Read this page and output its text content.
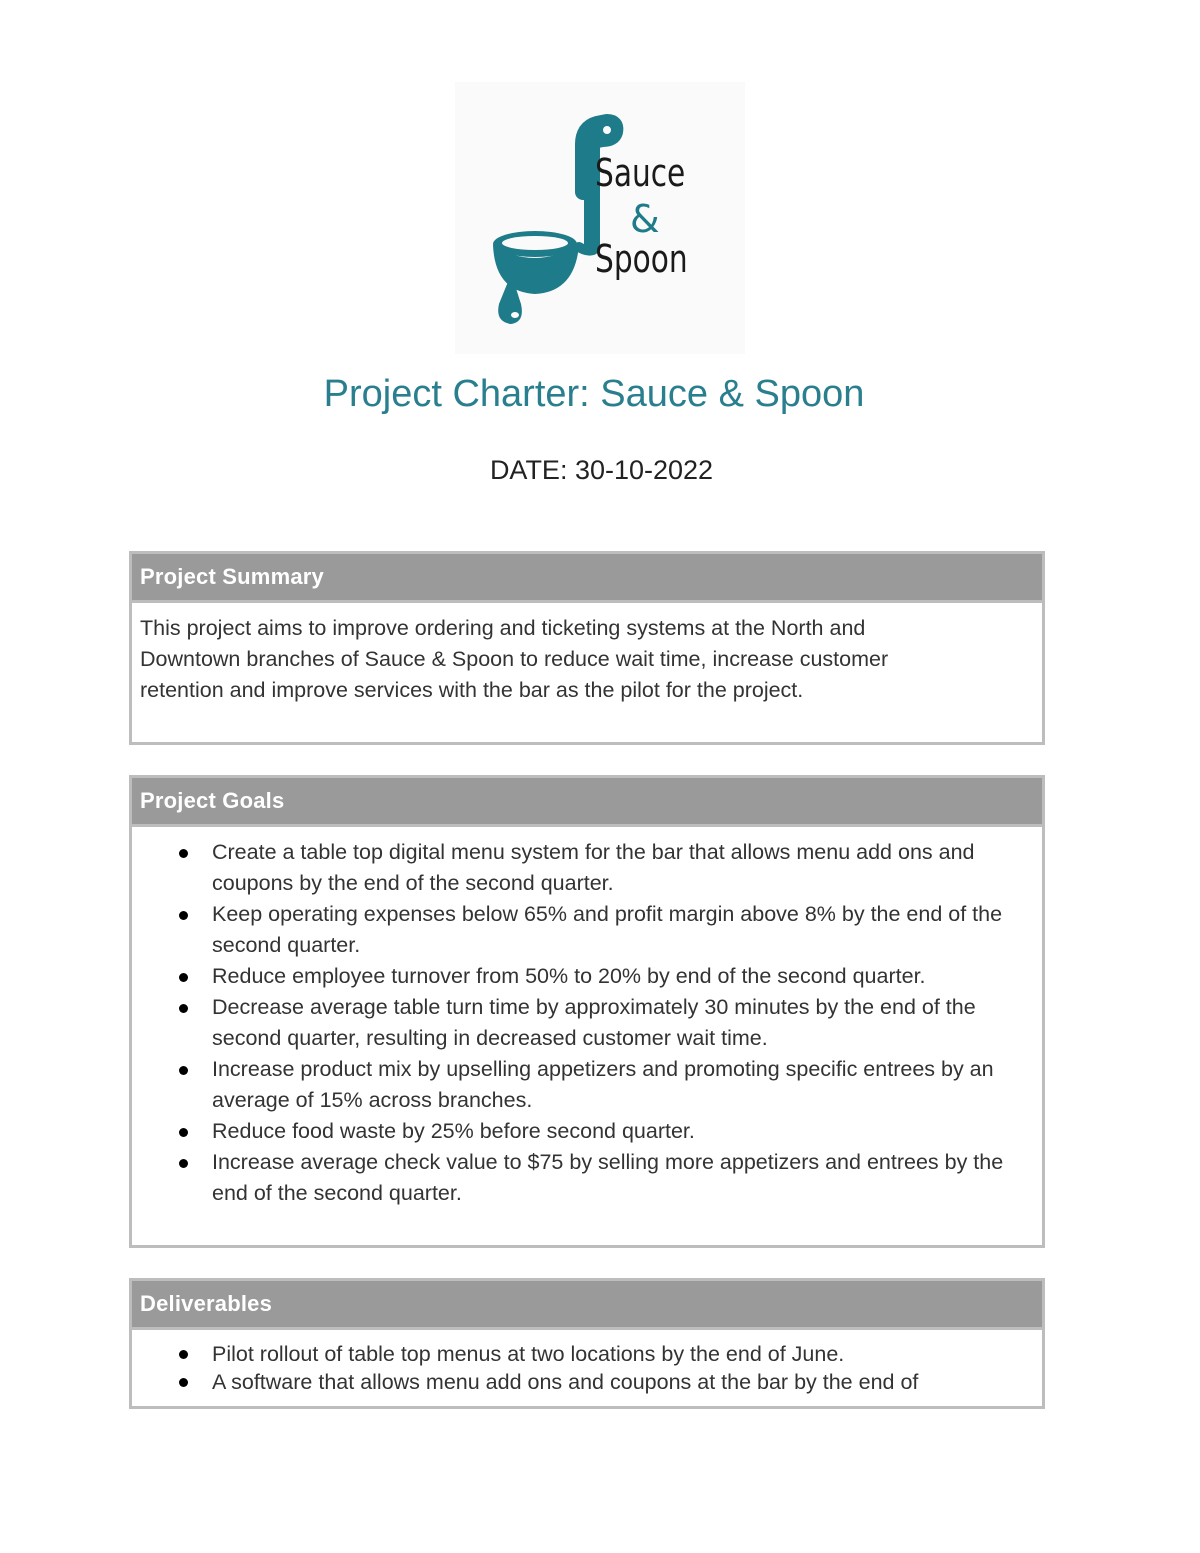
Sauce
&
Spoon
Project Charter: Sauce & Spoon
DATE: 30-10-2022
Project Summary
This project aims to improve ordering and ticketing systems at the North and
Downtown branches of Sauce & Spoon to reduce wait time, increase customer
retention and improve services with the bar as the pilot for the project.
Project Goals
Create a table top digital menu system for the bar that allows menu add ons and coupons by the end of the second quarter.
Keep operating expenses below 65% and profit margin above 8% by the end of the second quarter.
Reduce employee turnover from 50% to 20% by end of the second quarter.
Decrease average table turn time by approximately 30 minutes by the end of the second quarter, resulting in decreased customer wait time.
Increase product mix by upselling appetizers and promoting specific entrees by an average of 15% across branches.
Reduce food waste by 25% before second quarter.
Increase average check value to $75 by selling more appetizers and entrees by the end of the second quarter.
Deliverables
Pilot rollout of table top menus at two locations by the end of June.
A software that allows menu add ons and coupons at the bar by the end of
